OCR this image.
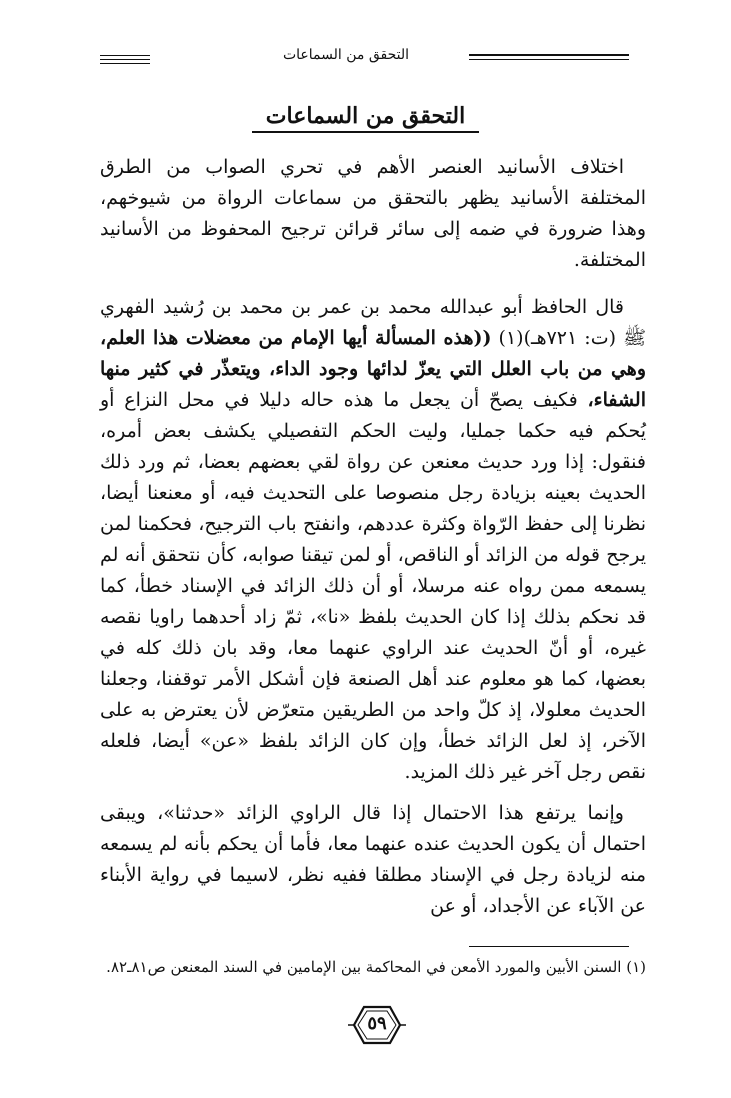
التحقق من السماعات
التحقق من السماعات

اختلاف الأسانيد العنصر الأهم في تحري الصواب من الطرق المختلفة الأسانيد يظهر بالتحقق من سماعات الرواة من شيوخهم، وهذا ضرورة في ضمه إلى سائر قرائن ترجيح المحفوظ من الأسانيد المختلفة.

قال الحافظ أبو عبدالله محمد بن عمر بن محمد بن رُشيد الفهري ﷺ (ت: ٧٢١هـ)(١) ((هذه المسألة أيها الإمام من معضلات هذا العلم، وهي من باب العلل التي يعزّ لدائها وجود الداء، ويتعذّر في كثير منها الشفاء، فكيف يصحّ أن يجعل ما هذه حاله دليلا في محل النزاع أو يُحكم فيه حكما جمليا، وليت الحكم التفصيلي يكشف بعض أمره، فنقول: إذا ورد حديث معنعن عن رواة لقي بعضهم بعضا، ثم ورد ذلك الحديث بعينه بزيادة رجل منصوصا على التحديث فيه، أو معنعنا أيضا، نظرنا إلى حفظ الرّواة وكثرة عددهم، وانفتح باب الترجيح، فحكمنا لمن يرجح قوله من الزائد أو الناقص، أو لمن تيقنا صوابه، كأن نتحقق أنه لم يسمعه ممن رواه عنه مرسلا، أو أن ذلك الزائد في الإسناد خطأ، كما قد نحكم بذلك إذا كان الحديث بلفظ «نا»، ثمّ زاد أحدهما راويا نقصه غيره، أو أنّ الحديث عند الراوي عنهما معا، وقد بان ذلك كله في بعضها، كما هو معلوم عند أهل الصنعة فإن أشكل الأمر توقفنا، وجعلنا الحديث معلولا، إذ كلّ واحد من الطريقين متعرّض لأن يعترض به على الآخر، إذ لعل الزائد خطأ، وإن كان الزائد بلفظ «عن» أيضا، فلعله نقص رجل آخر غير ذلك المزيد.

وإنما يرتفع هذا الاحتمال إذا قال الراوي الزائد «حدثنا»، ويبقى احتمال أن يكون الحديث عنده عنهما معا، فأما أن يحكم بأنه لم يسمعه منه لزيادة رجل في الإسناد مطلقا ففيه نظر، لاسيما في رواية الأبناء عن الآباء عن الأجداد، أو عن

(١) السنن الأبين والمورد الأمعن في المحاكمة بين الإمامين في السند المعنعن ص٨١ـ٨٢.
٥٩
